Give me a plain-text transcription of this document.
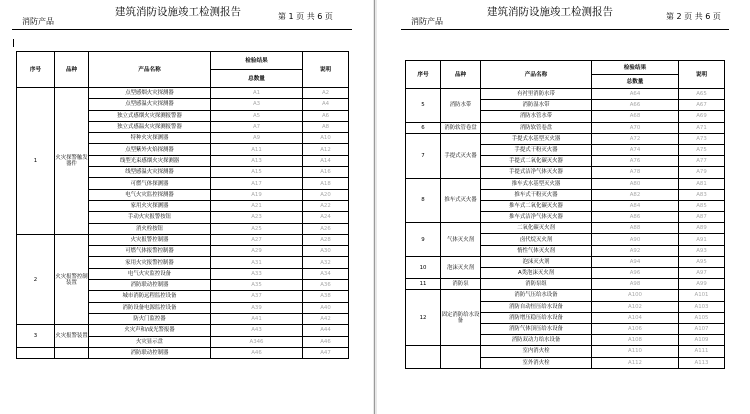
建筑消防设施竣工检测报告	第 1 页 共 6 页
消防产品
序号	品种	产品名称	检验结果	说明
			总数量	
1	火灾探警触发器件	点型感烟火灾探测器	A1	A2
		点型感温火灾探测器	A3	A4
		独立式感烟火灾探测报警器	A5	A6
		独立式感温火灾探测报警器	A7	A8
		特种火灾探测器	A9	A10
		点型紫外火焰探测器	A11	A12
		线型光束感烟火灾探测器	A13	A14
		线型感温火灾探测器	A15	A16
		可燃气体探测器	A17	A18
		电气火灾监控探测器	A19	A20
		家用火灾探测器	A21	A22
		手动火灾报警按钮	A23	A24
		消火栓按钮	A25	A26
2	火灾报警控制装置	火灾报警控制器	A27	A28
		可燃气体报警控制器	A29	A30
		家用火灾报警控制器	A31	A32
		电气火灾监控设备	A33	A34
		消防联动控制器	A35	A36
		城市消防远程监控设备	A37	A38
		消防设备电源监控设备	A39	A40
		防火门监控器	A41	A42
3	火灾报警装置	火灾声和/或光警报器	A43	A44
		火灾显示盘	A346	A46
		消防联动控制器	A46	A47
建筑消防设施竣工检测报告	第 2 页 共 6 页
消防产品
序号	品种	产品名称	检验结果	说明
			总数量	
5	消防水带	有衬里消防水带	A64	A65
		消防湿水带	A66	A67
		消防水管水带	A68	A69
6	消防软管卷盘	消防软管卷盘	A70	A71
7	手提式灭火器	手提式水基型灭火器	A72	A73
		手提式干粉灭火器	A74	A75
		手提式二氧化碳灭火器	A76	A77
		手提式洁净气体灭火器	A78	A79
8	推车式灭火器	推车式水基型灭火器	A80	A81
		推车式干粉灭火器	A82	A83
		推车式二氧化碳灭火器	A84	A85
		推车式洁净气体灭火器	A86	A87
9	气体灭火剂	二氧化碳灭火剂	A88	A89
		卤代烷灭火剂	A90	A91
		惰性气体灭火剂	A92	A93
10	泡沫灭火剂	泡沫灭火剂	A94	A95
		A类泡沫灭火剂	A96	A97
11	消防泵	消防泵组	A98	A99
12	固定消防给水设备	消防气压给水设备	A100	A101
		消防自动恒压给水设备	A102	A103
		消防增压稳压给水设备	A104	A105
		消防气体顶压给水设备	A106	A107
		消防双动力给水设备	A108	A109
		室内消火栓	A110	A111
		室外消火栓	A112	A113
